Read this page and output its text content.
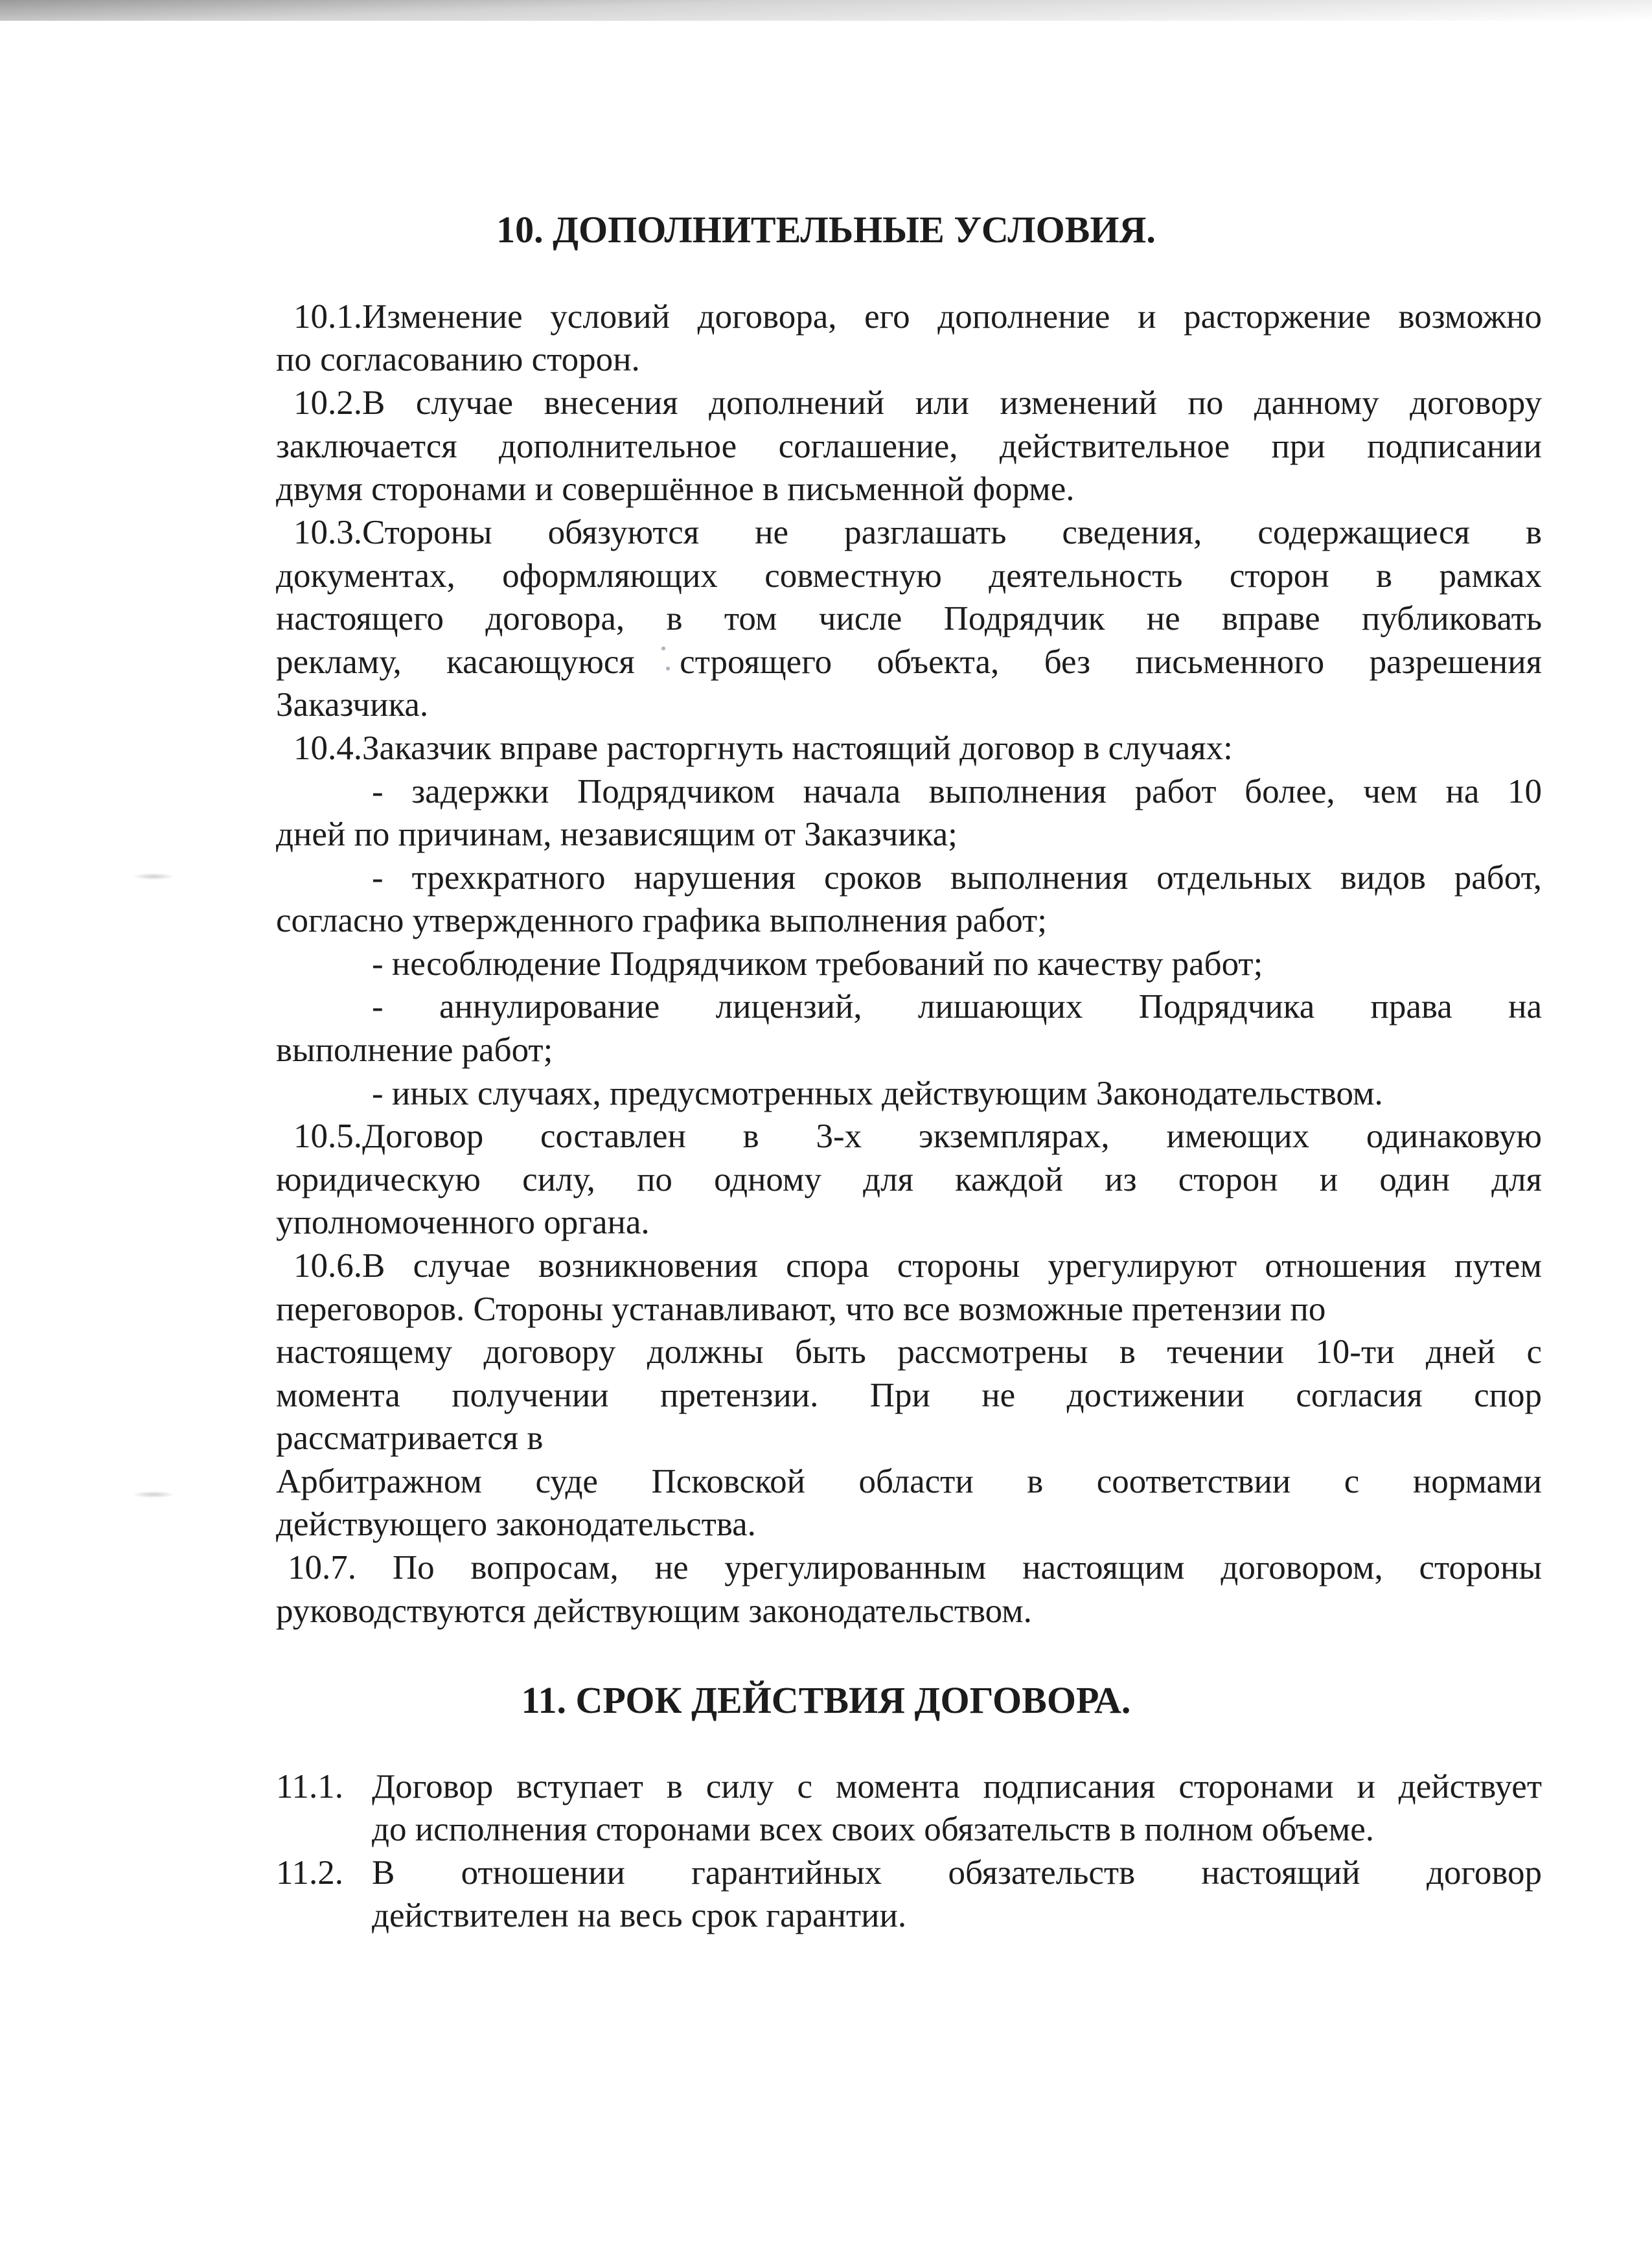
10. ДОПОЛНИТЕЛЬНЫЕ УСЛОВИЯ.
10.1.Изменение условий договора, его дополнение и расторжение возможно
по согласованию сторон.
10.2.В случае внесения дополнений или изменений по данному договору
заключается дополнительное соглашение, действительное при подписании
двумя сторонами и совершённое в письменной форме.
10.3.Стороны обязуются не разглашать сведения, содержащиеся в
документах, оформляющих совместную деятельность сторон в рамках
настоящего договора, в том числе Подрядчик не вправе публиковать
рекламу, касающуюся строящего объекта, без письменного разрешения
Заказчика.
10.4.Заказчик вправе расторгнуть настоящий договор в случаях:
- задержки Подрядчиком начала выполнения работ более, чем на 10
дней по причинам, независящим от Заказчика;
- трехкратного нарушения сроков выполнения отдельных видов работ,
согласно утвержденного графика выполнения работ;
- несоблюдение Подрядчиком требований по качеству работ;
- аннулирование лицензий, лишающих Подрядчика права на
выполнение работ;
- иных случаях, предусмотренных действующим Законодательством.
10.5.Договор составлен в 3-х экземплярах, имеющих одинаковую
юридическую силу, по одному для каждой из сторон и один для
уполномоченного органа.
10.6.В случае возникновения спора стороны урегулируют отношения путем
переговоров. Стороны устанавливают, что все возможные претензии по
настоящему договору должны быть рассмотрены в течении 10-ти дней с
момента получении претензии. При не достижении согласия спор
рассматривается в
Арбитражном суде Псковской области в соответствии с нормами
действующего законодательства.
10.7. По вопросам, не урегулированным настоящим договором, стороны
руководствуются действующим законодательством.
11. СРОК ДЕЙСТВИЯ ДОГОВОРА.
11.1. Договор вступает в силу с момента подписания сторонами и действует
до исполнения сторонами всех своих обязательств в полном объеме.
11.2. В отношении гарантийных обязательств настоящий договор
действителен на весь срок гарантии.
